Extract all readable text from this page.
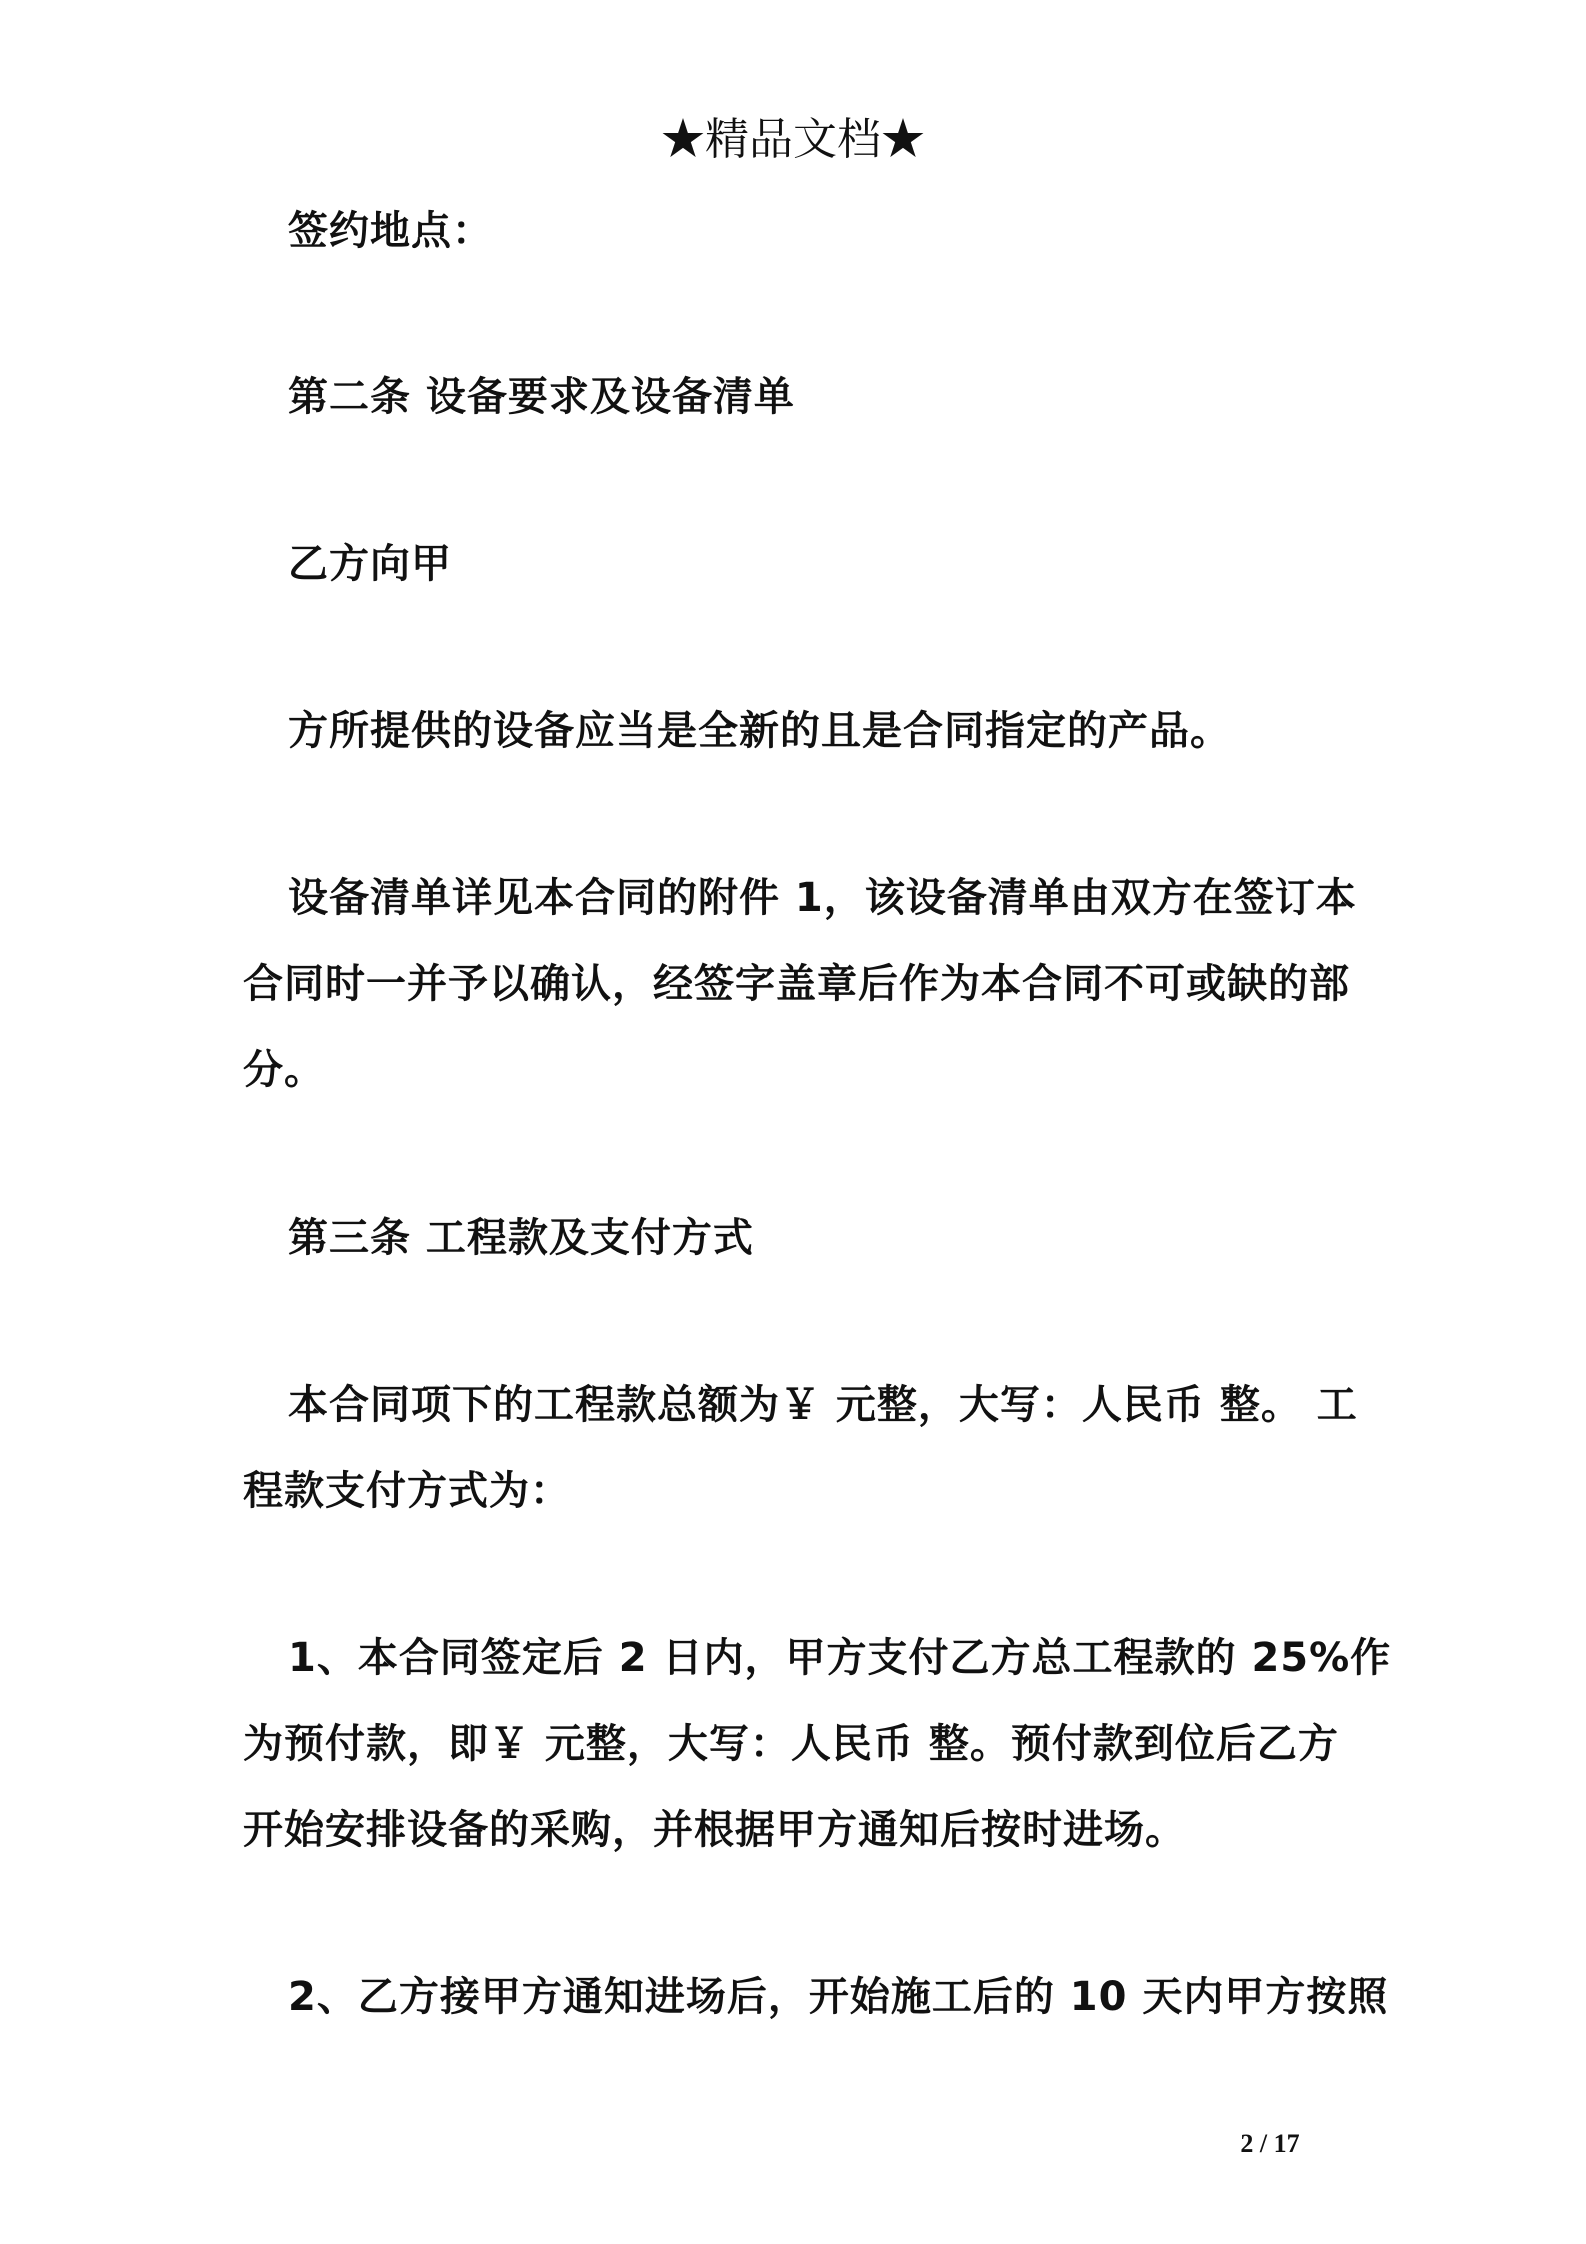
★精品文档★

签约地点：

第二条 设备要求及设备清单

乙方向甲

方所提供的设备应当是全新的且是合同指定的产品。

设备清单详见本合同的附件 1，该设备清单由双方在签订本

合同时一并予以确认，经签字盖章后作为本合同不可或缺的部
分。

第三条 工程款及支付方式

本合同项下的工程款总额为￥ 元整，大写：人民币 整。 工

程款支付方式为：

1、本合同签定后 2 日内，甲方支付乙方总工程款的 25%作

为预付款，即￥ 元整，大写：人民币 整。预付款到位后乙方
开始安排设备的采购，并根据甲方通知后按时进场。

2、乙方接甲方通知进场后，开始施工后的 10 天内甲方按照

2 / 17
